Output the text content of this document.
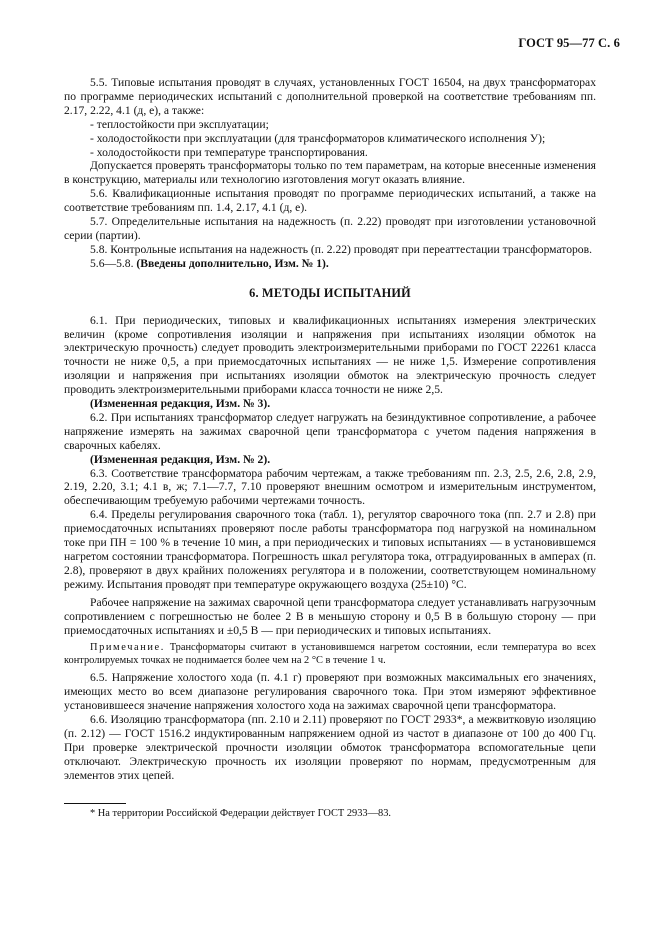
ГОСТ 95—77 С. 6

5.5. Типовые испытания проводят в случаях, установленных ГОСТ 16504, на двух трансформаторах по программе периодических испытаний с дополнительной проверкой на соответствие требованиям пп. 2.17, 2.22, 4.1 (д, е), а также:

- теплостойкости при эксплуатации;

- холодостойкости при эксплуатации (для трансформаторов климатического исполнения У);

- холодостойкости при температуре транспортирования.

Допускается проверять трансформаторы только по тем параметрам, на которые внесенные изменения в конструкцию, материалы или технологию изготовления могут оказать влияние.

5.6. Квалификационные испытания проводят по программе периодических испытаний, а также на соответствие требованиям пп. 1.4, 2.17, 4.1 (д, е).

5.7. Определительные испытания на надежность (п. 2.22) проводят при изготовлении установочной серии (партии).

5.8. Контрольные испытания на надежность (п. 2.22) проводят при переаттестации трансформаторов.

5.6—5.8. (Введены дополнительно, Изм. № 1).

6. МЕТОДЫ ИСПЫТАНИЙ

6.1. При периодических, типовых и квалификационных испытаниях измерения электрических величин (кроме сопротивления изоляции и напряжения при испытаниях изоляции обмоток на электрическую прочность) следует проводить электроизмерительными приборами по ГОСТ 22261 класса точности не ниже 0,5, а при приемосдаточных испытаниях — не ниже 1,5. Измерение сопротивления изоляции и напряжения при испытаниях изоляции обмоток на электрическую прочность следует проводить электроизмерительными приборами класса точности не ниже 2,5.

(Измененная редакция, Изм. № 3).

6.2. При испытаниях трансформатор следует нагружать на безиндуктивное сопротивление, а рабочее напряжение измерять на зажимах сварочной цепи трансформатора с учетом падения напряжения в сварочных кабелях.

(Измененная редакция, Изм. № 2).

6.3. Соответствие трансформатора рабочим чертежам, а также требованиям пп. 2.3, 2.5, 2.6, 2.8, 2.9, 2.19, 2.20, 3.1; 4.1 в, ж; 7.1—7.7, 7.10 проверяют внешним осмотром и измерительным инструментом, обеспечивающим требуемую рабочими чертежами точность.

6.4. Пределы регулирования сварочного тока (табл. 1), регулятор сварочного тока (пп. 2.7 и 2.8) при приемосдаточных испытаниях проверяют после работы трансформатора под нагрузкой на номинальном токе при ПН = 100 % в течение 10 мин, а при периодических и типовых испытаниях — в установившемся нагретом состоянии трансформатора. Погрешность шкал регулятора тока, отградуированных в амперах (п. 2.8), проверяют в двух крайних положениях регулятора и в положении, соответствующем номинальному режиму. Испытания проводят при температуре окружающего воздуха (25±10) °С.

Рабочее напряжение на зажимах сварочной цепи трансформатора следует устанавливать нагрузочным сопротивлением с погрешностью не более 2 В в меньшую сторону и 0,5 В в большую сторону — при приемосдаточных испытаниях и ±0,5 В — при периодических и типовых испытаниях.

Примечание. Трансформаторы считают в установившемся нагретом состоянии, если температура во всех контролируемых точках не поднимается более чем на 2 °С в течение 1 ч.

6.5. Напряжение холостого хода (п. 4.1 г) проверяют при возможных максимальных его значениях, имеющих место во всем диапазоне регулирования сварочного тока. При этом измеряют эффективное установившееся значение напряжения холостого хода на зажимах сварочной цепи трансформатора.

6.6. Изоляцию трансформатора (пп. 2.10 и 2.11) проверяют по ГОСТ 2933*, а межвитковую изоляцию (п. 2.12) — ГОСТ 1516.2 индуктированным напряжением одной из частот в диапазоне от 100 до 400 Гц. При проверке электрической прочности изоляции обмоток трансформатора вспомогательные цепи отключают. Электрическую прочность их изоляции проверяют по нормам, предусмотренным для элементов этих цепей.

* На территории Российской Федерации действует ГОСТ 2933—83.
